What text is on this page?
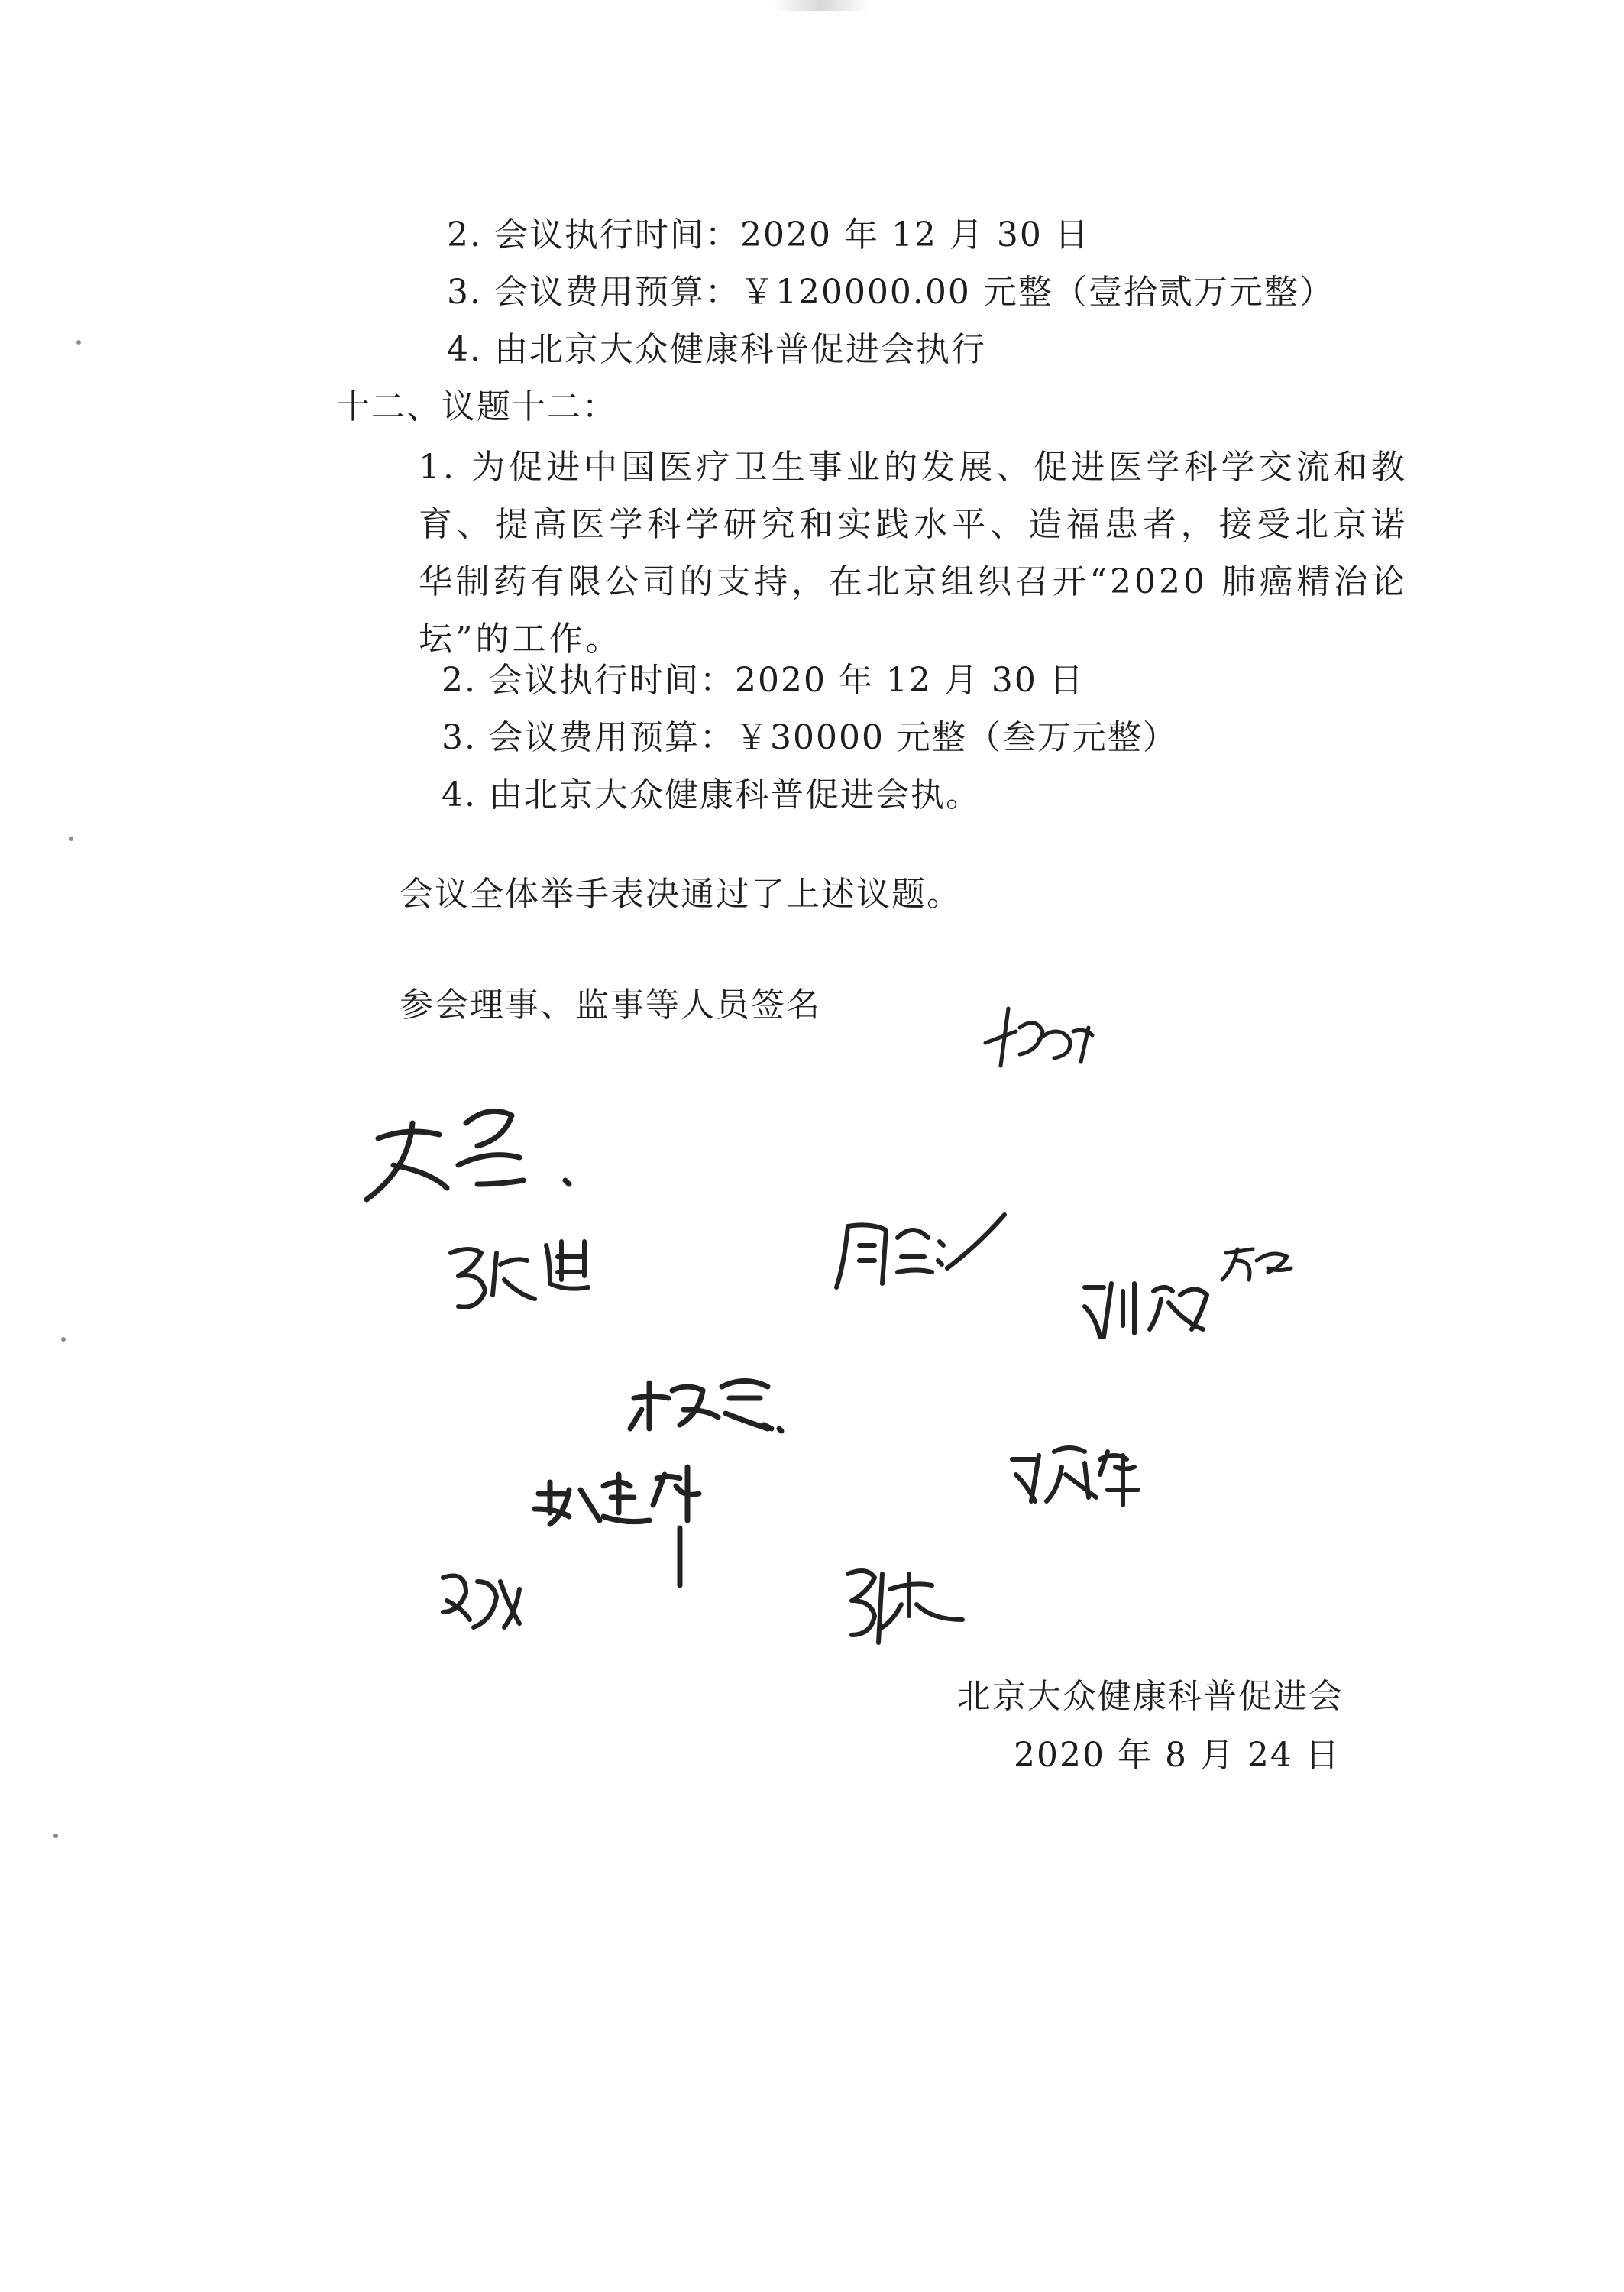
2. 会议执行时间：2020 年 12 月 30 日
3. 会议费用预算：￥120000.00 元整（壹拾贰万元整）
4. 由北京大众健康科普促进会执行
十二、议题十二：
1. 为促进中国医疗卫生事业的发展、促进医学科学交流和教育、提高医学科学研究和实践水平、造福患者，接受北京诺华制药有限公司的支持，在北京组织召开“2020 肺癌精治论坛”的工作。
2. 会议执行时间：2020 年 12 月 30 日
3. 会议费用预算：￥30000 元整（叁万元整）
4. 由北京大众健康科普促进会执。
会议全体举手表决通过了上述议题。
参会理事、监事等人员签名
北京大众健康科普促进会
2020 年 8 月 24 日
